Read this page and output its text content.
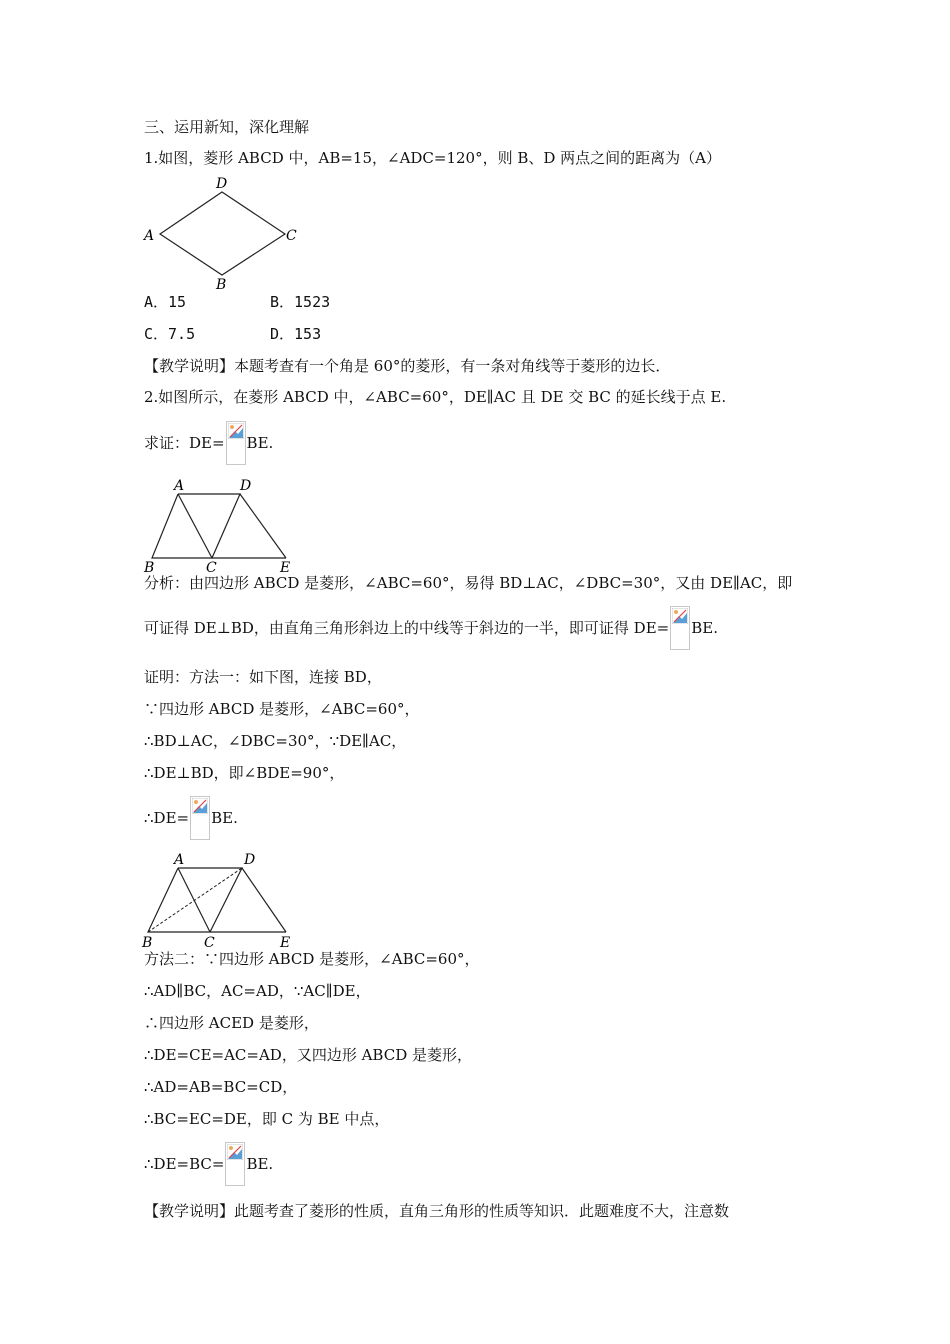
三、运用新知，深化理解
1.如图，菱形 ABCD 中，AB=15，∠ADC=120°，则 B、D 两点之间的距离为（A）
D
A	C
B
A．15	B．1523
C．7.5	D．153
【教学说明】本题考查有一个角是 60°的菱形，有一条对角线等于菱形的边长．
2.如图所示，在菱形 ABCD 中，∠ABC=60°，DE∥AC 且 DE 交 BC 的延长线于点 E.
求证：DE= BE.
A	D
B	C	E
分析：由四边形 ABCD 是菱形，∠ABC=60°，易得 BD⊥AC，∠DBC=30°，又由 DE∥AC，即
可证得 DE⊥BD，由直角三角形斜边上的中线等于斜边的一半，即可证得 DE= BE.
证明：方法一：如下图，连接 BD，
∵四边形 ABCD 是菱形，∠ABC=60°，
∴BD⊥AC，∠DBC=30°，∵DE∥AC，
∴DE⊥BD，即∠BDE=90°，
∴DE= BE.
A	D
B	C	E
方法二：∵四边形 ABCD 是菱形，∠ABC=60°，
∴AD∥BC，AC=AD，∵AC∥DE，
∴四边形 ACED 是菱形，
∴DE=CE=AC=AD，又四边形 ABCD 是菱形，
∴AD=AB=BC=CD，
∴BC=EC=DE，即 C 为 BE 中点，
∴DE=BC= BE.
【教学说明】此题考查了菱形的性质，直角三角形的性质等知识．此题难度不大，注意数
